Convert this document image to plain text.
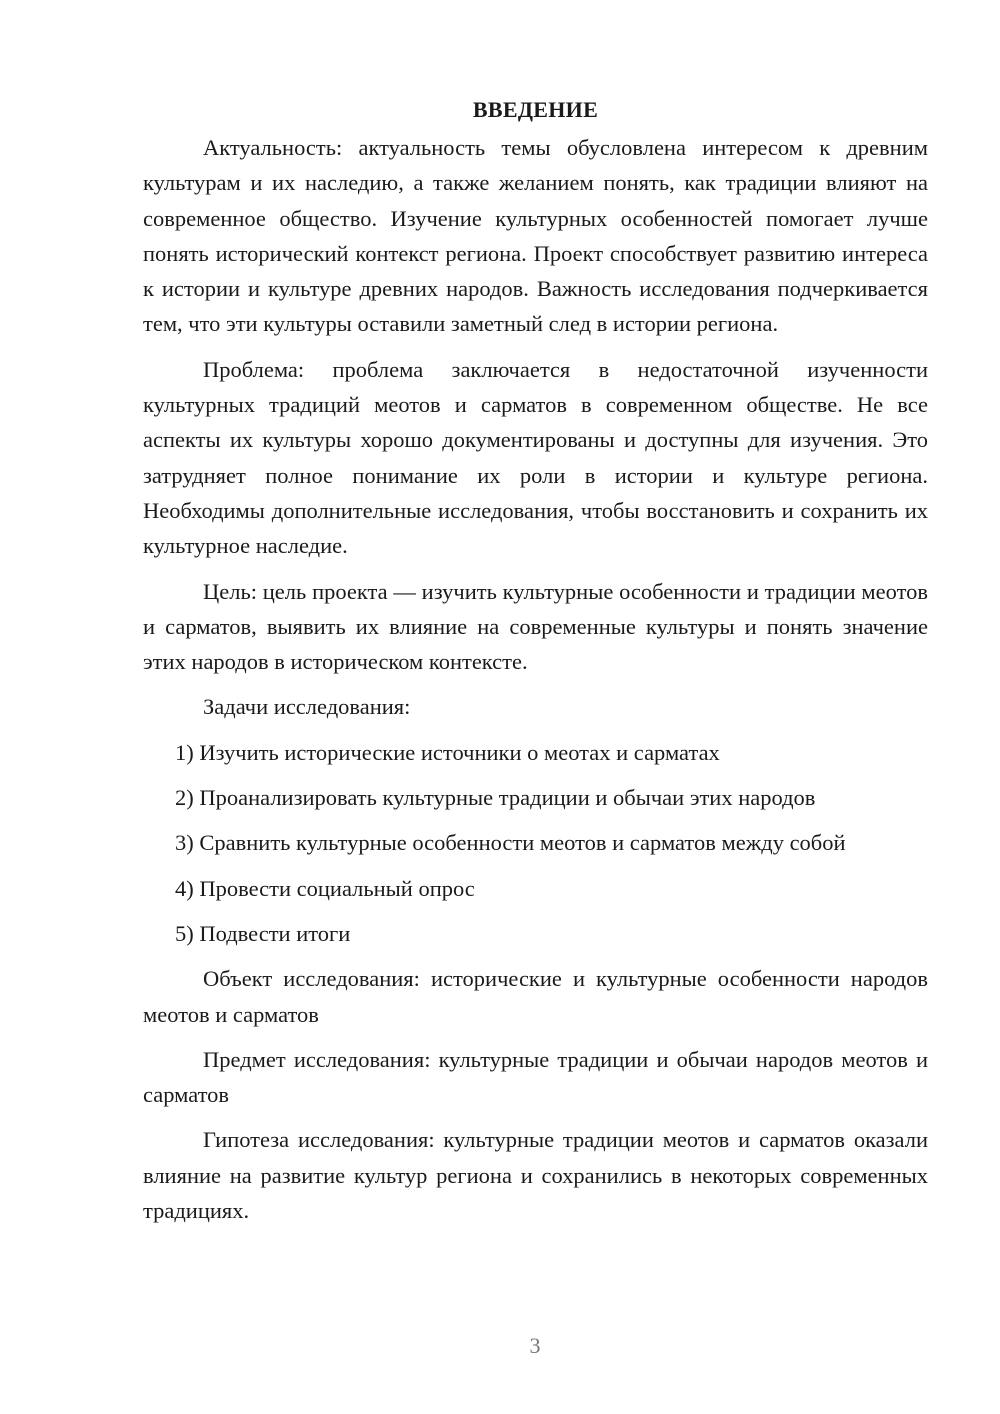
ВВЕДЕНИЕ

Актуальность: актуальность темы обусловлена интересом к древним культурам и их наследию, а также желанием понять, как традиции влияют на современное общество. Изучение культурных особенностей помогает лучше понять исторический контекст региона. Проект способствует развитию интереса к истории и культуре древних народов. Важность исследования подчеркивается тем, что эти культуры оставили заметный след в истории региона.

Проблема: проблема заключается в недостаточной изученности культурных традиций меотов и сарматов в современном обществе. Не все аспекты их культуры хорошо документированы и доступны для изучения. Это затрудняет полное понимание их роли в истории и культуре региона. Необходимы дополнительные исследования, чтобы восстановить и сохранить их культурное наследие.

Цель: цель проекта — изучить культурные особенности и традиции меотов и сарматов, выявить их влияние на современные культуры и понять значение этих народов в историческом контексте.

Задачи исследования:

1) Изучить исторические источники о меотах и сарматах
2) Проанализировать культурные традиции и обычаи этих народов
3) Сравнить культурные особенности меотов и сарматов между собой
4) Провести социальный опрос
5) Подвести итоги

Объект исследования: исторические и культурные особенности народов меотов и сарматов

Предмет исследования: культурные традиции и обычаи народов меотов и сарматов

Гипотеза исследования: культурные традиции меотов и сарматов оказали влияние на развитие культур региона и сохранились в некоторых современных традициях.

3
